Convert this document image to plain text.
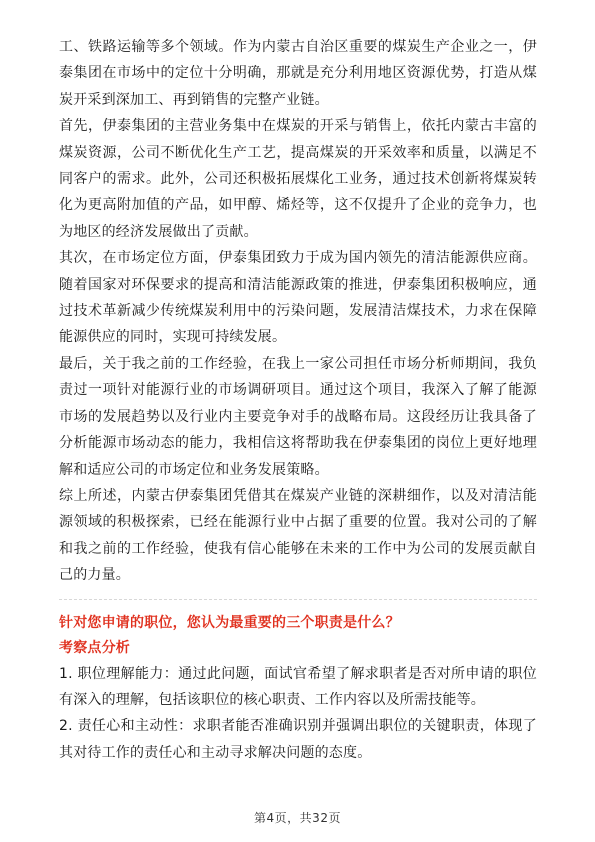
工、铁路运输等多个领域。作为内蒙古自治区重要的煤炭生产企业之一，伊泰集团在市场中的定位十分明确，那就是充分利用地区资源优势，打造从煤炭开采到深加工、再到销售的完整产业链。

首先，伊泰集团的主营业务集中在煤炭的开采与销售上，依托内蒙古丰富的煤炭资源，公司不断优化生产工艺，提高煤炭的开采效率和质量，以满足不同客户的需求。此外，公司还积极拓展煤化工业务，通过技术创新将煤炭转化为更高附加值的产品，如甲醇、烯烃等，这不仅提升了企业的竞争力，也为地区的经济发展做出了贡献。

其次，在市场定位方面，伊泰集团致力于成为国内领先的清洁能源供应商。随着国家对环保要求的提高和清洁能源政策的推进，伊泰集团积极响应，通过技术革新减少传统煤炭利用中的污染问题，发展清洁煤技术，力求在保障能源供应的同时，实现可持续发展。

最后，关于我之前的工作经验，在我上一家公司担任市场分析师期间，我负责过一项针对能源行业的市场调研项目。通过这个项目，我深入了解了能源市场的发展趋势以及行业内主要竞争对手的战略布局。这段经历让我具备了分析能源市场动态的能力，我相信这将帮助我在伊泰集团的岗位上更好地理解和适应公司的市场定位和业务发展策略。

综上所述，内蒙古伊泰集团凭借其在煤炭产业链的深耕细作，以及对清洁能源领域的积极探索，已经在能源行业中占据了重要的位置。我对公司的了解和我之前的工作经验，使我有信心能够在未来的工作中为公司的发展贡献自己的力量。

针对您申请的职位，您认为最重要的三个职责是什么？

考察点分析

1. 职位理解能力：通过此问题，面试官希望了解求职者是否对所申请的职位有深入的理解，包括该职位的核心职责、工作内容以及所需技能等。

2. 责任心和主动性：求职者能否准确识别并强调出职位的关键职责，体现了其对待工作的责任心和主动寻求解决问题的态度。

第4页，共32页
